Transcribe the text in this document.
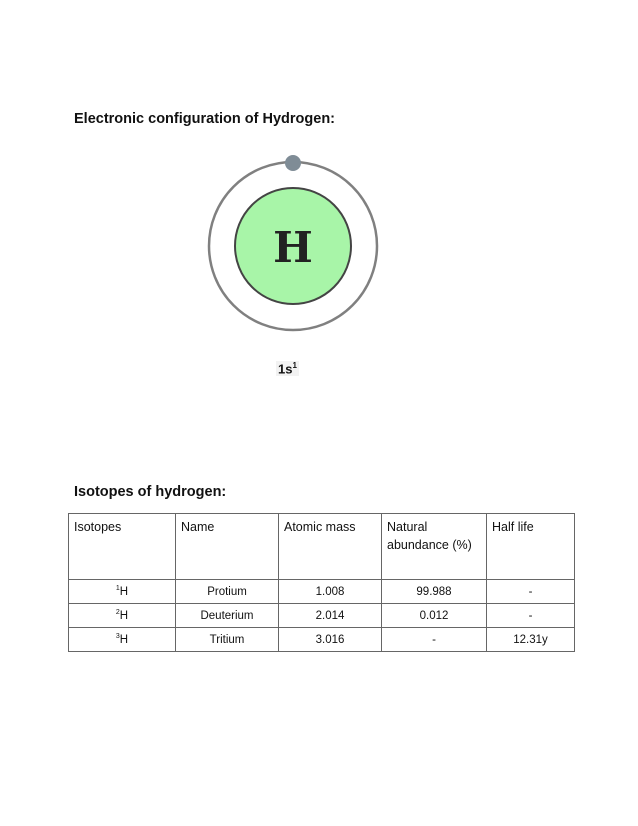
Electronic configuration of Hydrogen:
H
$1s^1$
Isotopes of hydrogen:
Isotopes	Name	Atomic mass	Natural abundance (%)	Half life
$^1$H	Protium	1.008	99.988	-
$^2$H	Deuterium	2.014	0.012	-
$^3$H	Tritium	3.016	-	12.31y
